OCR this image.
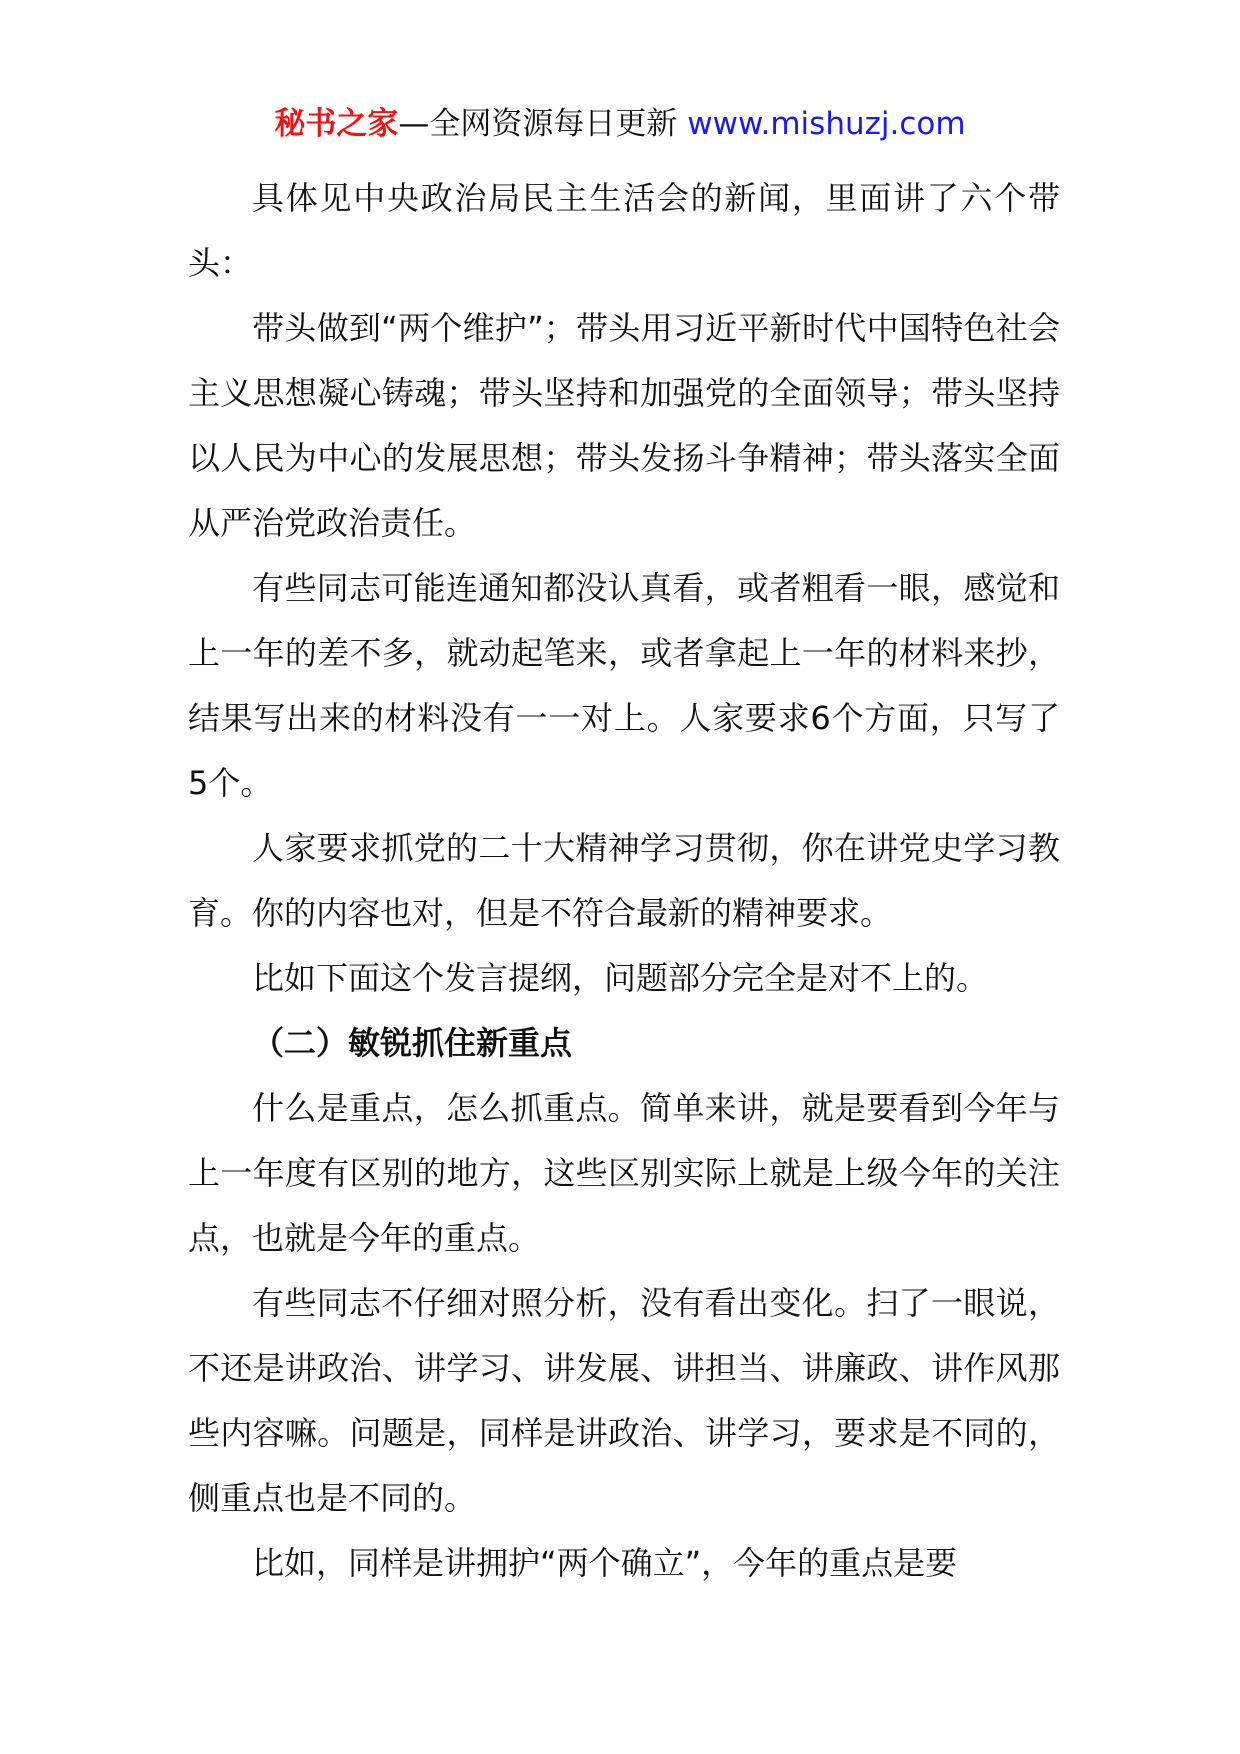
秘书之家—全网资源每日更新 www.mishuzj.com

具体见中央政治局民主生活会的新闻，里面讲了六个带头：

带头做到“两个维护”；带头用习近平新时代中国特色社会主义思想凝心铸魂；带头坚持和加强党的全面领导；带头坚持以人民为中心的发展思想；带头发扬斗争精神；带头落实全面从严治党政治责任。

有些同志可能连通知都没认真看，或者粗看一眼，感觉和上一年的差不多，就动起笔来，或者拿起上一年的材料来抄，结果写出来的材料没有一一对上。人家要求6个方面，只写了5个。

人家要求抓党的二十大精神学习贯彻，你在讲党史学习教育。你的内容也对，但是不符合最新的精神要求。

比如下面这个发言提纲，问题部分完全是对不上的。

（二）敏锐抓住新重点

什么是重点，怎么抓重点。简单来讲，就是要看到今年与上一年度有区别的地方，这些区别实际上就是上级今年的关注点，也就是今年的重点。

有些同志不仔细对照分析，没有看出变化。扫了一眼说，不还是讲政治、讲学习、讲发展、讲担当、讲廉政、讲作风那些内容嘛。问题是，同样是讲政治、讲学习，要求是不同的，侧重点也是不同的。

比如，同样是讲拥护“两个确立”，今年的重点是要
